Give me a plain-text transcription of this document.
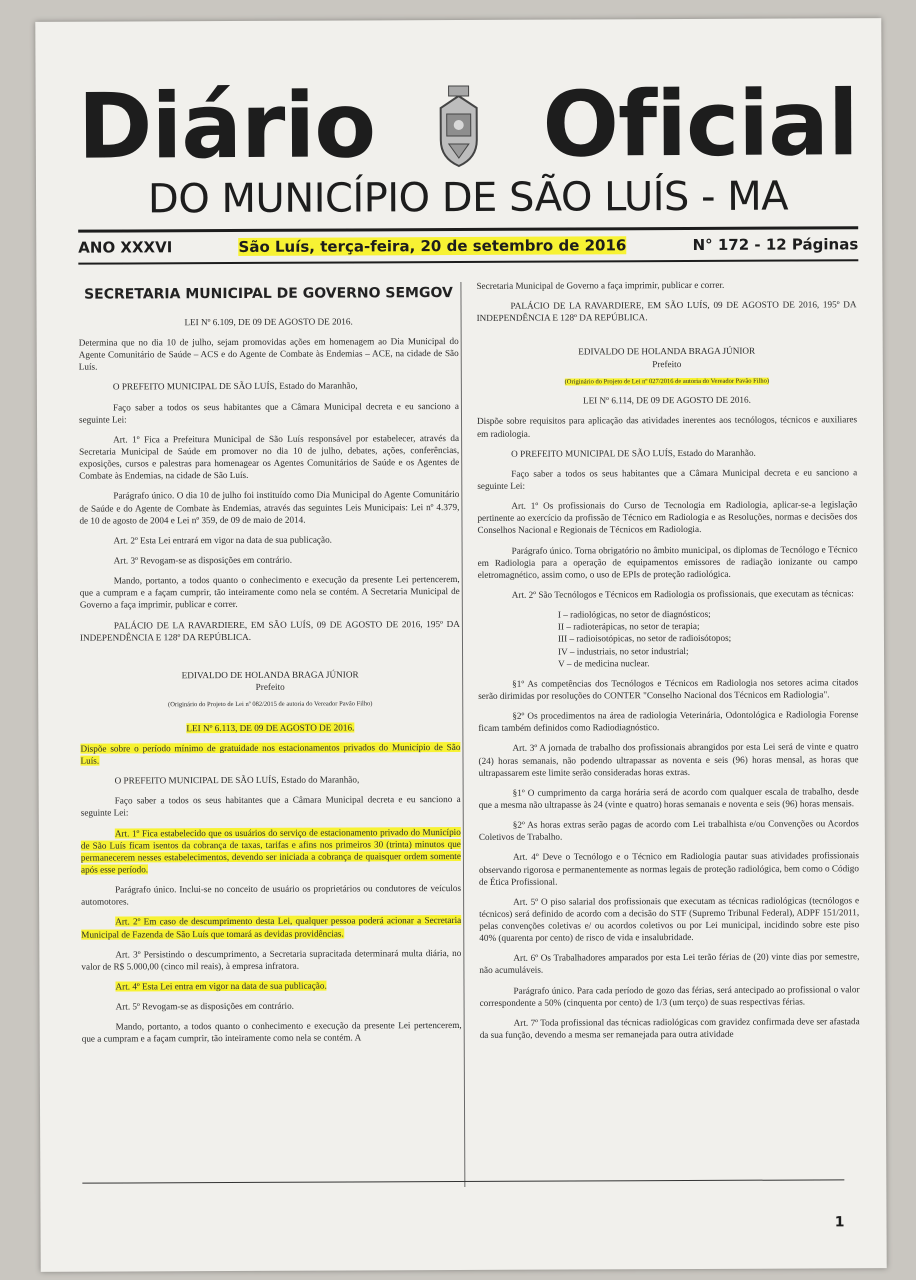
Diário Oficial
DO MUNICÍPIO DE SÃO LUÍS - MA
ANO XXXVI	São Luís, terça-feira, 20 de setembro de 2016	N° 172 - 12 Páginas
SECRETARIA MUNICIPAL DE GOVERNO SEMGOV

LEI Nº 6.109, DE 09 DE AGOSTO DE 2016.

Determina que no dia 10 de julho, sejam promovidas ações em homenagem ao Dia Municipal do Agente Comunitário de Saúde – ACS e do Agente de Combate às Endemias – ACE, na cidade de São Luís.

O PREFEITO MUNICIPAL DE SÃO LUÍS, Estado do Maranhão,

Faço saber a todos os seus habitantes que a Câmara Municipal decreta e eu sanciono a seguinte Lei:

Art. 1º Fica a Prefeitura Municipal de São Luís responsável por estabelecer, através da Secretaria Municipal de Saúde em promover no dia 10 de julho, debates, ações, conferências, exposições, cursos e palestras para homenagear os Agentes Comunitários de Saúde e os Agentes de Combate às Endemias, na cidade de São Luís.

Parágrafo único. O dia 10 de julho foi instituído como Dia Municipal do Agente Comunitário de Saúde e do Agente de Combate às Endemias, através das seguintes Leis Municipais: Lei nº 4.379, de 10 de agosto de 2004 e Lei nº 359, de 09 de maio de 2014.

Art. 2º Esta Lei entrará em vigor na data de sua publicação.

Art. 3º Revogam-se as disposições em contrário.

Mando, portanto, a todos quanto o conhecimento e execução da presente Lei pertencerem, que a cumpram e a façam cumprir, tão inteiramente como nela se contém. A Secretaria Municipal de Governo a faça imprimir, publicar e correr.

PALÁCIO DE LA RAVARDIERE, EM SÃO LUÍS, 09 DE AGOSTO DE 2016, 195º DA INDEPENDÊNCIA E 128º DA REPÚBLICA.

EDIVALDO DE HOLANDA BRAGA JÚNIOR

Prefeito

(Originário do Projeto de Lei nº 082/2015 de autoria do Vereador Pavão Filho)

LEI Nº 6.113, DE 09 DE AGOSTO DE 2016.

Dispõe sobre o período mínimo de gratuidade nos estacionamentos privados do Município de São Luís.

O PREFEITO MUNICIPAL DE SÃO LUÍS, Estado do Maranhão,

Faço saber a todos os seus habitantes que a Câmara Municipal decreta e eu sanciono a seguinte Lei:

Art. 1º Fica estabelecido que os usuários do serviço de estacionamento privado do Município de São Luís ficam isentos da cobrança de taxas, tarifas e afins nos primeiros 30 (trinta) minutos que permanecerem nesses estabelecimentos, devendo ser iniciada a cobrança de quaisquer ordem somente após esse período.

Parágrafo único. Inclui-se no conceito de usuário os proprietários ou condutores de veículos automotores.

Art. 2º Em caso de descumprimento desta Lei, qualquer pessoa poderá acionar a Secretaria Municipal de Fazenda de São Luís que tomará as devidas providências.

Art. 3º Persistindo o descumprimento, a Secretaria supracitada determinará multa diária, no valor de R$ 5.000,00 (cinco mil reais), à empresa infratora.

Art. 4º Esta Lei entra em vigor na data de sua publicação.

Art. 5º Revogam-se as disposições em contrário.

Mando, portanto, a todos quanto o conhecimento e execução da presente Lei pertencerem, que a cumpram e a façam cumprir, tão inteiramente como nela se contém. A

Secretaria Municipal de Governo a faça imprimir, publicar e correr.

PALÁCIO DE LA RAVARDIERE, EM SÃO LUÍS, 09 DE AGOSTO DE 2016, 195º DA INDEPENDÊNCIA E 128º DA REPÚBLICA.

EDIVALDO DE HOLANDA BRAGA JÚNIOR

Prefeito

(Originário do Projeto de Lei nº 027/2016 de autoria do Vereador Pavão Filho)

LEI Nº 6.114, DE 09 DE AGOSTO DE 2016.

Dispõe sobre requisitos para aplicação das atividades inerentes aos tecnólogos, técnicos e auxiliares em radiologia.

O PREFEITO MUNICIPAL DE SÃO LUÍS, Estado do Maranhão.

Faço saber a todos os seus habitantes que a Câmara Municipal decreta e eu sanciono a seguinte Lei:

Art. 1º Os profissionais do Curso de Tecnologia em Radiologia, aplicar-se-a legislação pertinente ao exercício da profissão de Técnico em Radiologia e as Resoluções, normas e decisões dos Conselhos Nacional e Regionais de Técnicos em Radiologia.

Parágrafo único. Torna obrigatório no âmbito municipal, os diplomas de Tecnólogo e Técnico em Radiologia para a operação de equipamentos emissores de radiação ionizante ou campo eletromagnético, assim como, o uso de EPIs de proteção radiológica.

Art. 2º São Tecnólogos e Técnicos em Radiologia os profissionais, que executam as técnicas:

I – radiológicas, no setor de diagnósticos;

II – radioterápicas, no setor de terapia;

III – radioisotópicas, no setor de radioisótopos;

IV – industriais, no setor industrial;

V – de medicina nuclear.

§1º As competências dos Tecnólogos e Técnicos em Radiologia nos setores acima citados serão dirimidas por resoluções do CONTER "Conselho Nacional dos Técnicos em Radiologia".

§2º Os procedimentos na área de radiologia Veterinária, Odontológica e Radiologia Forense ficam também definidos como Radiodiagnóstico.

Art. 3º A jornada de trabalho dos profissionais abrangidos por esta Lei será de vinte e quatro (24) horas semanais, não podendo ultrapassar as noventa e seis (96) horas mensal, as horas que ultrapassarem este limite serão consideradas horas extras.

§1º O cumprimento da carga horária será de acordo com qualquer escala de trabalho, desde que a mesma não ultrapasse às 24 (vinte e quatro) horas semanais e noventa e seis (96) horas mensais.

§2º As horas extras serão pagas de acordo com Lei trabalhista e/ou Convenções ou Acordos Coletivos de Trabalho.

Art. 4º Deve o Tecnólogo e o Técnico em Radiologia pautar suas atividades profissionais observando rigorosa e permanentemente as normas legais de proteção radiológica, bem como o Código de Ética Profissional.

Art. 5º O piso salarial dos profissionais que executam as técnicas radiológicas (tecnólogos e técnicos) será definido de acordo com a decisão do STF (Supremo Tribunal Federal), ADPF 151/2011, pelas convenções coletivas e/ ou acordos coletivos ou por Lei municipal, incidindo sobre este piso 40% (quarenta por cento) de risco de vida e insalubridade.

Art. 6º Os Trabalhadores amparados por esta Lei terão férias de (20) vinte dias por semestre, não acumuláveis.

Parágrafo único. Para cada período de gozo das férias, será antecipado ao profissional o valor correspondente a 50% (cinquenta por cento) de 1/3 (um terço) de suas respectivas férias.

Art. 7º Toda profissional das técnicas radiológicas com gravidez confirmada deve ser afastada da sua função, devendo a mesma ser remanejada para outra atividade

1
